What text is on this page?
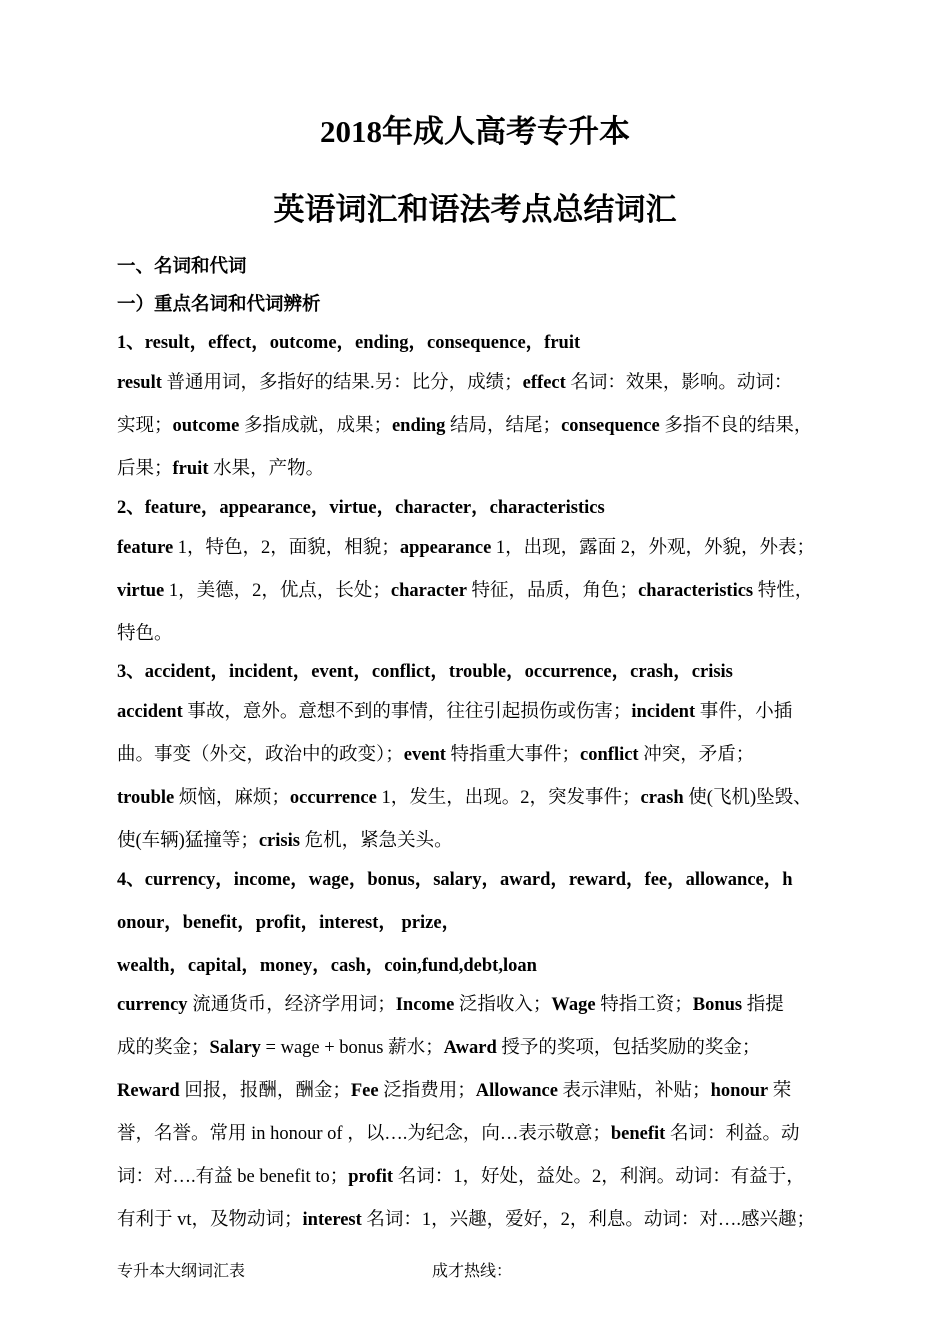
2018年成人高考专升本
英语词汇和语法考点总结词汇
一、名词和代词
一）重点名词和代词辨析
1、result，effect，outcome，ending，consequence，fruit
result 普通用词，多指好的结果.另：比分，成绩；effect 名词：效果，影响。动词：
实现；outcome 多指成就，成果；ending 结局，结尾；consequence 多指不良的结果，
后果；fruit 水果，产物。
2、feature，appearance，virtue，character，characteristics
feature 1，特色，2，面貌，相貌；appearance 1，出现，露面 2，外观，外貌，外表；
virtue 1，美德，2，优点，长处；character 特征，品质，角色；characteristics 特性，
特色。
3、accident，incident，event，conflict，trouble，occurrence，crash，crisis
accident 事故，意外。意想不到的事情，往往引起损伤或伤害；incident 事件，小插
曲。事变（外交，政治中的政变）；event 特指重大事件；conflict 冲突，矛盾；
trouble 烦恼，麻烦；occurrence 1，发生，出现。2，突发事件；crash 使(飞机)坠毁、
使(车辆)猛撞等；crisis 危机，紧急关头。
4、currency，income，wage，bonus，salary，award，reward，fee，allowance，h
onour，benefit，profit，interest， prize，
wealth，capital，money，cash，coin,fund,debt,loan
currency 流通货币，经济学用词；Income 泛指收入；Wage 特指工资；Bonus 指提
成的奖金；Salary = wage + bonus 薪水；Award 授予的奖项，包括奖励的奖金；
Reward 回报，报酬，酬金；Fee 泛指费用；Allowance 表示津贴，补贴；honour 荣
誉，名誉。常用 in honour of ，以….为纪念，向…表示敬意；benefit 名词：利益。动
词：对….有益 be benefit to；profit 名词：1，好处，益处。2，利润。动词：有益于，
有利于 vt，及物动词；interest 名词：1，兴趣，爱好，2，利息。动词：对….感兴趣；
专升本大纲词汇表	成才热线：
